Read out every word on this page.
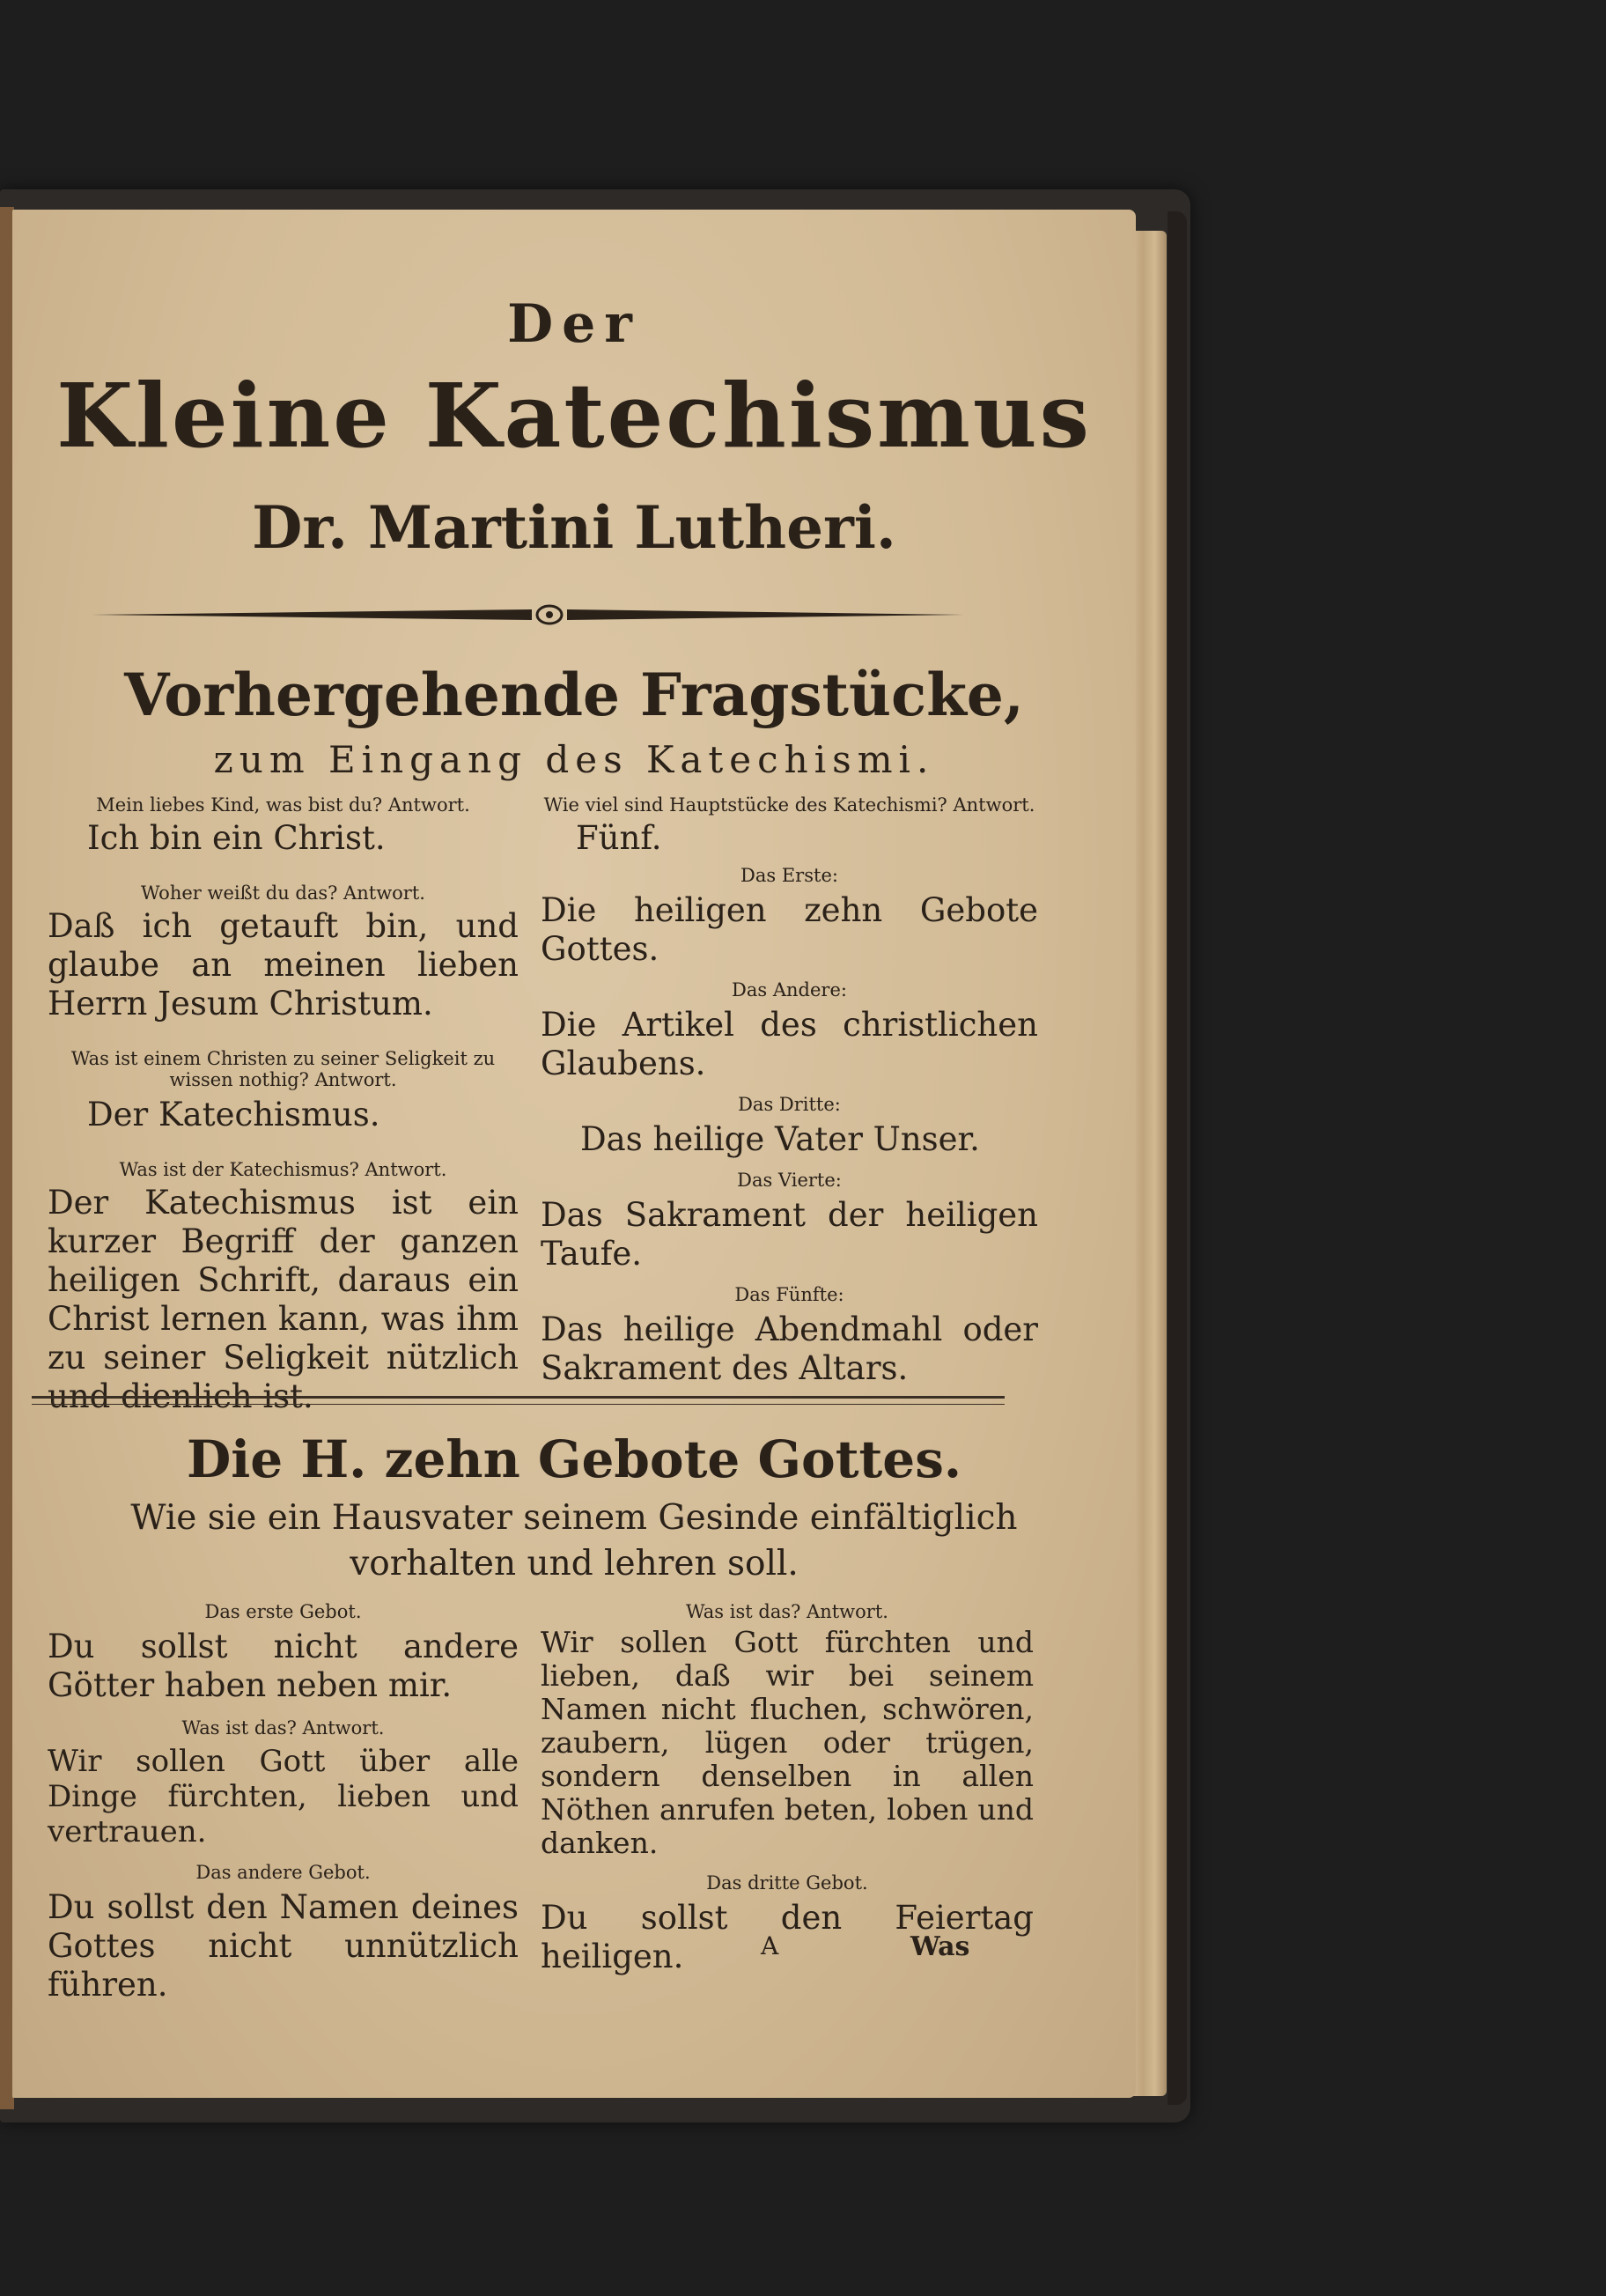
Der
Kleine Katechismus
Dr. Martini Lutheri.
Vorhergehende Fragstücke,
zum Eingang des Katechismi.
Mein liebes Kind, was bist du? Antwort.
Ich bin ein Christ.
Woher weißt du das? Antwort.
Daß ich getauft bin, und glaube an meinen lieben Herrn Jesum Christum.
Was ist einem Christen zu seiner Seligkeit zu wissen nothig? Antwort.
Der Katechismus.
Was ist der Katechismus? Antwort.
Der Katechismus ist ein kurzer Begriff der ganzen heiligen Schrift, daraus ein Christ lernen kann, was ihm zu seiner Seligkeit nützlich und dienlich ist.
Wie viel sind Hauptstücke des Katechismi? Antwort.
Fünf.
Das Erste:
Die heiligen zehn Gebote Gottes.
Das Andere:
Die Artikel des christlichen Glaubens.
Das Dritte:
Das heilige Vater Unser.
Das Vierte:
Das Sakrament der heiligen Taufe.
Das Fünfte:
Das heilige Abendmahl oder Sakrament des Altars.
Die H. zehn Gebote Gottes.
Wie sie ein Hausvater seinem Gesinde einfältiglich vorhalten und lehren soll.
Das erste Gebot.
Du sollst nicht andere Götter haben neben mir.
Was ist das? Antwort.
Wir sollen Gott über alle Dinge fürchten, lieben und vertrauen.
Das andere Gebot.
Du sollst den Namen deines Gottes nicht unnützlich führen.
Was ist das? Antwort.
Wir sollen Gott fürchten und lieben, daß wir bei seinem Namen nicht fluchen, schwören, zaubern, lügen oder trügen, sondern denselben in allen Nöthen anrufen beten, loben und danken.
Das dritte Gebot.
Du sollst den Feiertag heiligen.	A	Was
